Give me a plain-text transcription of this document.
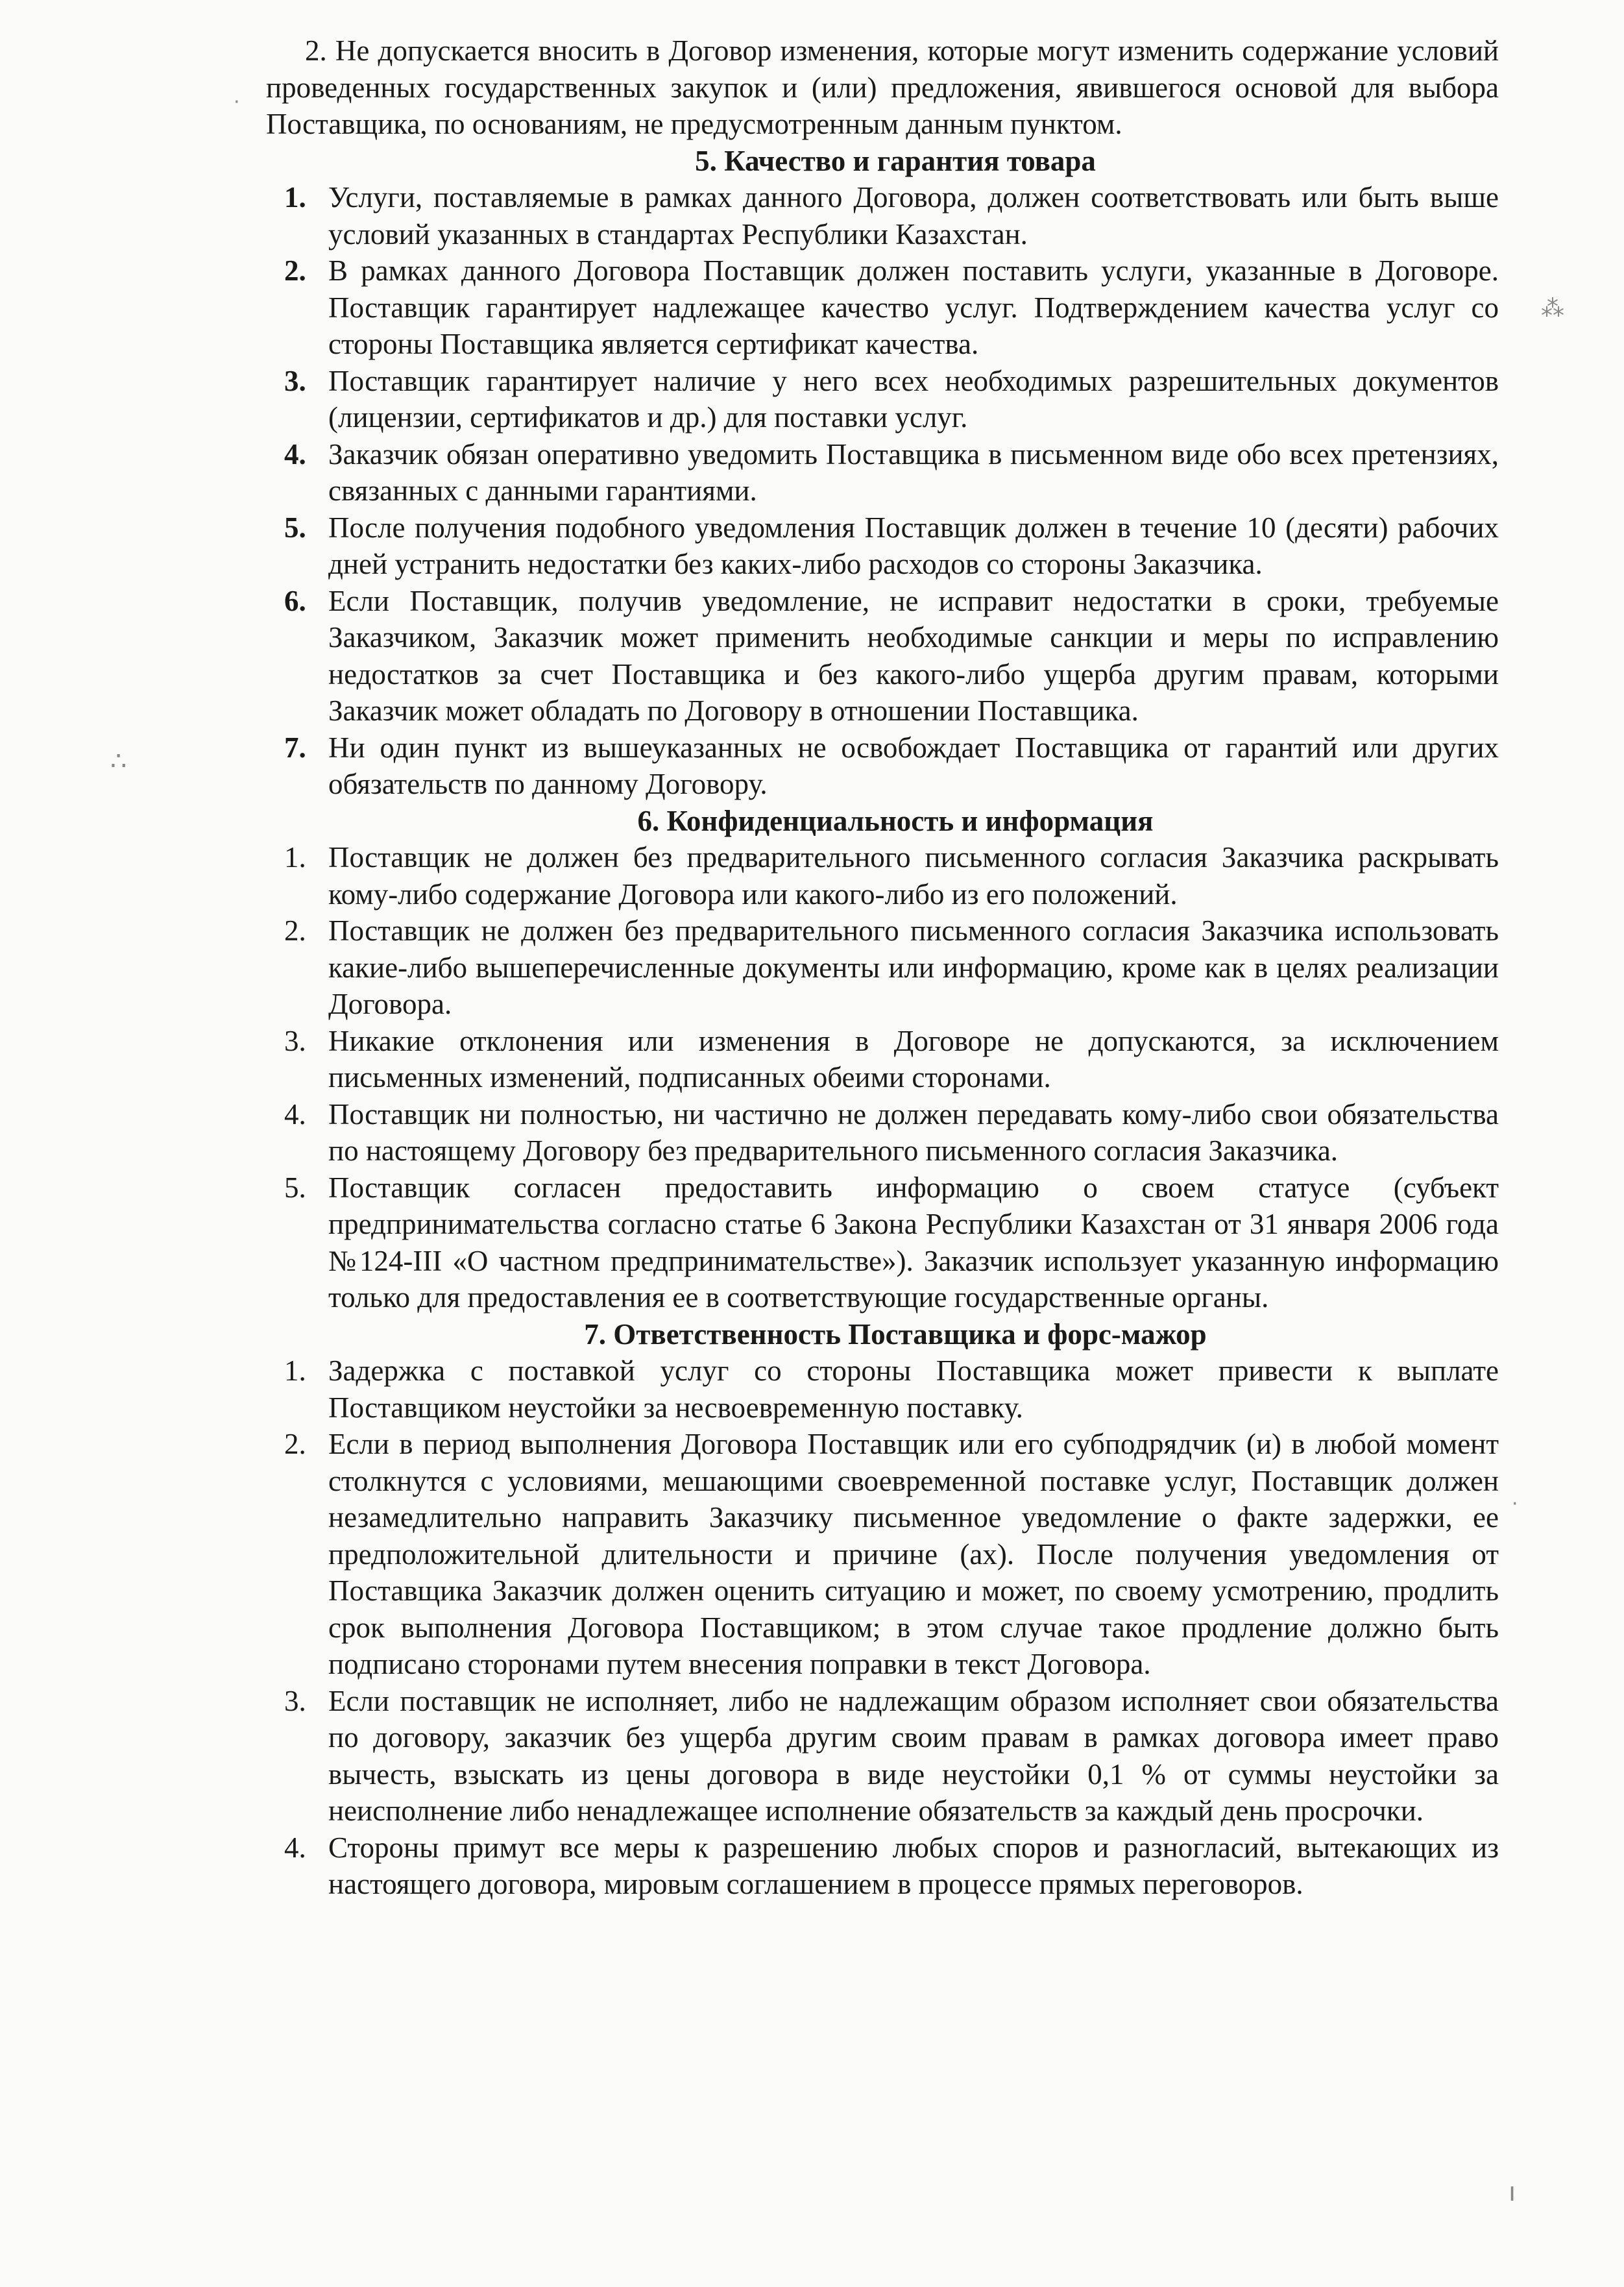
2. Не допускается вносить в Договор изменения, которые могут изменить содержание условий проведенных государственных закупок и (или) предложения, явившегося основой для выбора Поставщика, по основаниям, не предусмотренным данным пунктом.

5. Качество и гарантия товара
1. Услуги, поставляемые в рамках данного Договора, должен соответствовать или быть выше условий указанных в стандартах Республики Казахстан.
2. В рамках данного Договора Поставщик должен поставить услуги, указанные в Договоре. Поставщик гарантирует надлежащее качество услуг. Подтверждением качества услуг со стороны Поставщика является сертификат качества.
3. Поставщик гарантирует наличие у него всех необходимых разрешительных документов (лицензии, сертификатов и др.) для поставки услуг.
4. Заказчик обязан оперативно уведомить Поставщика в письменном виде обо всех претензиях, связанных с данными гарантиями.
5. После получения подобного уведомления Поставщик должен в течение 10 (десяти) рабочих дней устранить недостатки без каких-либо расходов со стороны Заказчика.
6. Если Поставщик, получив уведомление, не исправит недостатки в сроки, требуемые Заказчиком, Заказчик может применить необходимые санкции и меры по исправлению недостатков за счет Поставщика и без какого-либо ущерба другим правам, которыми Заказчик может обладать по Договору в отношении Поставщика.
7. Ни один пункт из вышеуказанных не освобождает Поставщика от гарантий или других обязательств по данному Договору.
6. Конфиденциальность и информация
1. Поставщик не должен без предварительного письменного согласия Заказчика раскрывать кому-либо содержание Договора или какого-либо из его положений.
2. Поставщик не должен без предварительного письменного согласия Заказчика использовать какие-либо вышеперечисленные документы или информацию, кроме как в целях реализации Договора.
3. Никакие отклонения или изменения в Договоре не допускаются, за исключением письменных изменений, подписанных обеими сторонами.
4. Поставщик ни полностью, ни частично не должен передавать кому-либо свои обязательства по настоящему Договору без предварительного письменного согласия Заказчика.
5. Поставщик согласен предоставить информацию о своем статусе (субъект предпринимательства согласно статье 6 Закона Республики Казахстан от 31 января 2006 года №124-III «О частном предпринимательстве»). Заказчик использует указанную информацию только для предоставления ее в соответствующие государственные органы.
7. Ответственность Поставщика и форс-мажор
1. Задержка с поставкой услуг со стороны Поставщика может привести к выплате Поставщиком неустойки за несвоевременную поставку.
2. Если в период выполнения Договора Поставщик или его субподрядчик (и) в любой момент столкнутся с условиями, мешающими своевременной поставке услуг, Поставщик должен незамедлительно направить Заказчику письменное уведомление о факте задержки, ее предположительной длительности и причине (ах). После получения уведомления от Поставщика Заказчик должен оценить ситуацию и может, по своему усмотрению, продлить срок выполнения Договора Поставщиком; в этом случае такое продление должно быть подписано сторонами путем внесения поправки в текст Договора.
3. Если поставщик не исполняет, либо не надлежащим образом исполняет свои обязательства по договору, заказчик без ущерба другим своим правам в рамках договора имеет право вычесть, взыскать из цены договора в виде неустойки 0,1 % от суммы неустойки за неисполнение либо ненадлежащее исполнение обязательств за каждый день просрочки.
4. Стороны примут все меры к разрешению любых споров и разногласий, вытекающих из настоящего договора, мировым соглашением в процессе прямых переговоров.
·
⁂
∴
·
ı
